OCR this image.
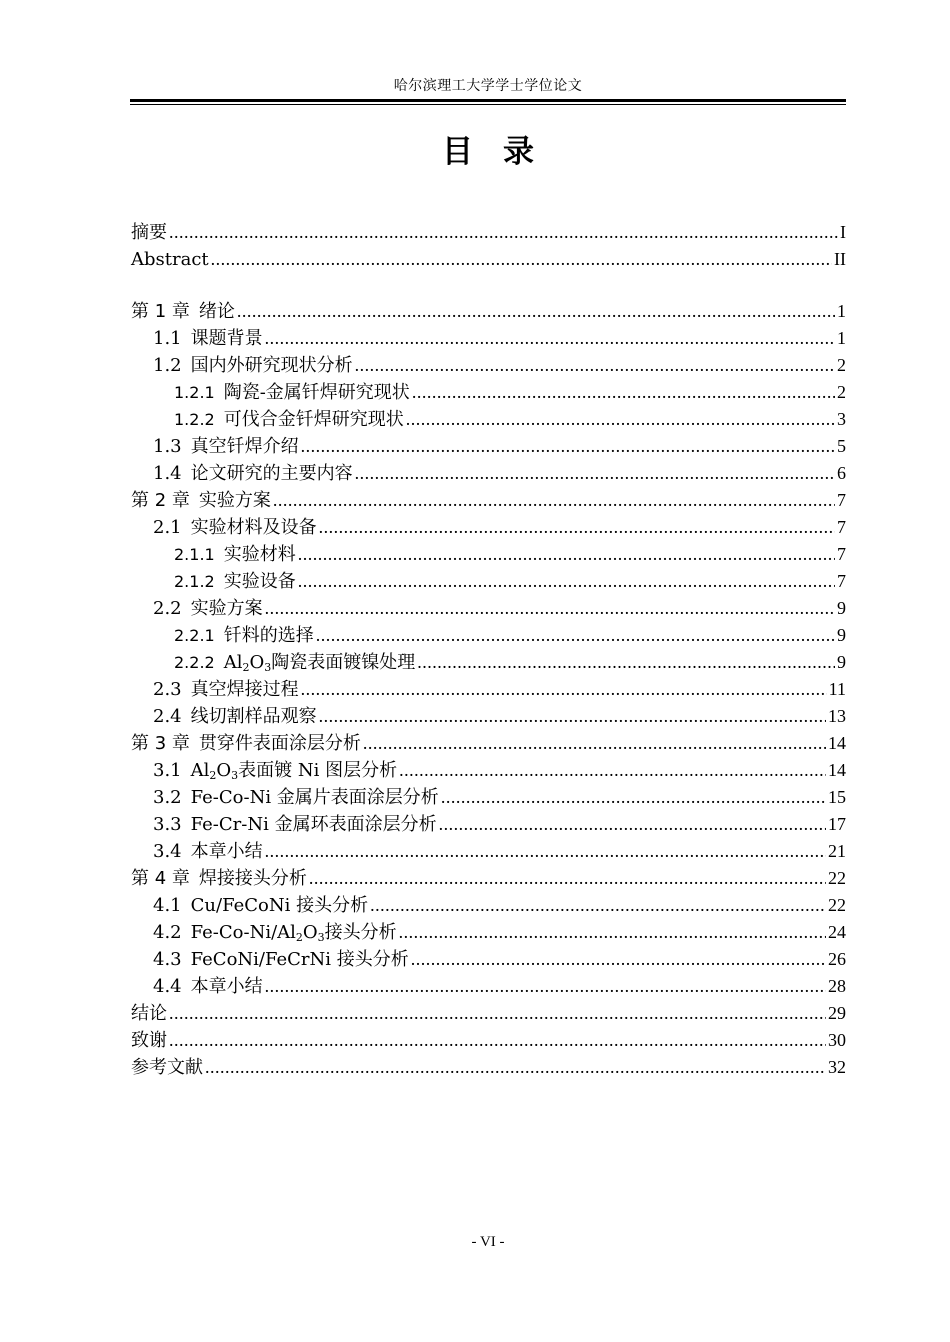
哈尔滨理工大学学士学位论文
目 录
摘要 .....	I
Abstract .....	II
第 1 章 绪论 .....	1
1.1 课题背景 .....	1
1.2 国内外研究现状分析 .....	2
1.2.1 陶瓷-金属钎焊研究现状 .....	2
1.2.2 可伐合金钎焊研究现状 .....	3
1.3 真空钎焊介绍 .....	5
1.4 论文研究的主要内容 .....	6
第 2 章 实验方案 .....	7
2.1 实验材料及设备 .....	7
2.1.1 实验材料 .....	7
2.1.2 实验设备 .....	7
2.2 实验方案 .....	9
2.2.1 钎料的选择 .....	9
2.2.2 $Al_2O_3$陶瓷表面镀镍处理 .....	9
2.3 真空焊接过程 .....	11
2.4 线切割样品观察 .....	13
第 3 章 贯穿件表面涂层分析 .....	14
3.1 $Al_2O_3$表面镀 Ni 图层分析 .....	14
3.2 Fe-Co-Ni 金属片表面涂层分析 .....	15
3.3 Fe-Cr-Ni 金属环表面涂层分析 .....	17
3.4 本章小结 .....	21
第 4 章 焊接接头分析 .....	22
4.1 Cu/FeCoNi 接头分析 .....	22
4.2 $Fe-Co-Ni/Al_2O_3$接头分析 .....	24
4.3 FeCoNi/FeCrNi 接头分析 .....	26
4.4 本章小结 .....	28
结论 .....	29
致谢 .....	30
参考文献 .....	32
- VI -
